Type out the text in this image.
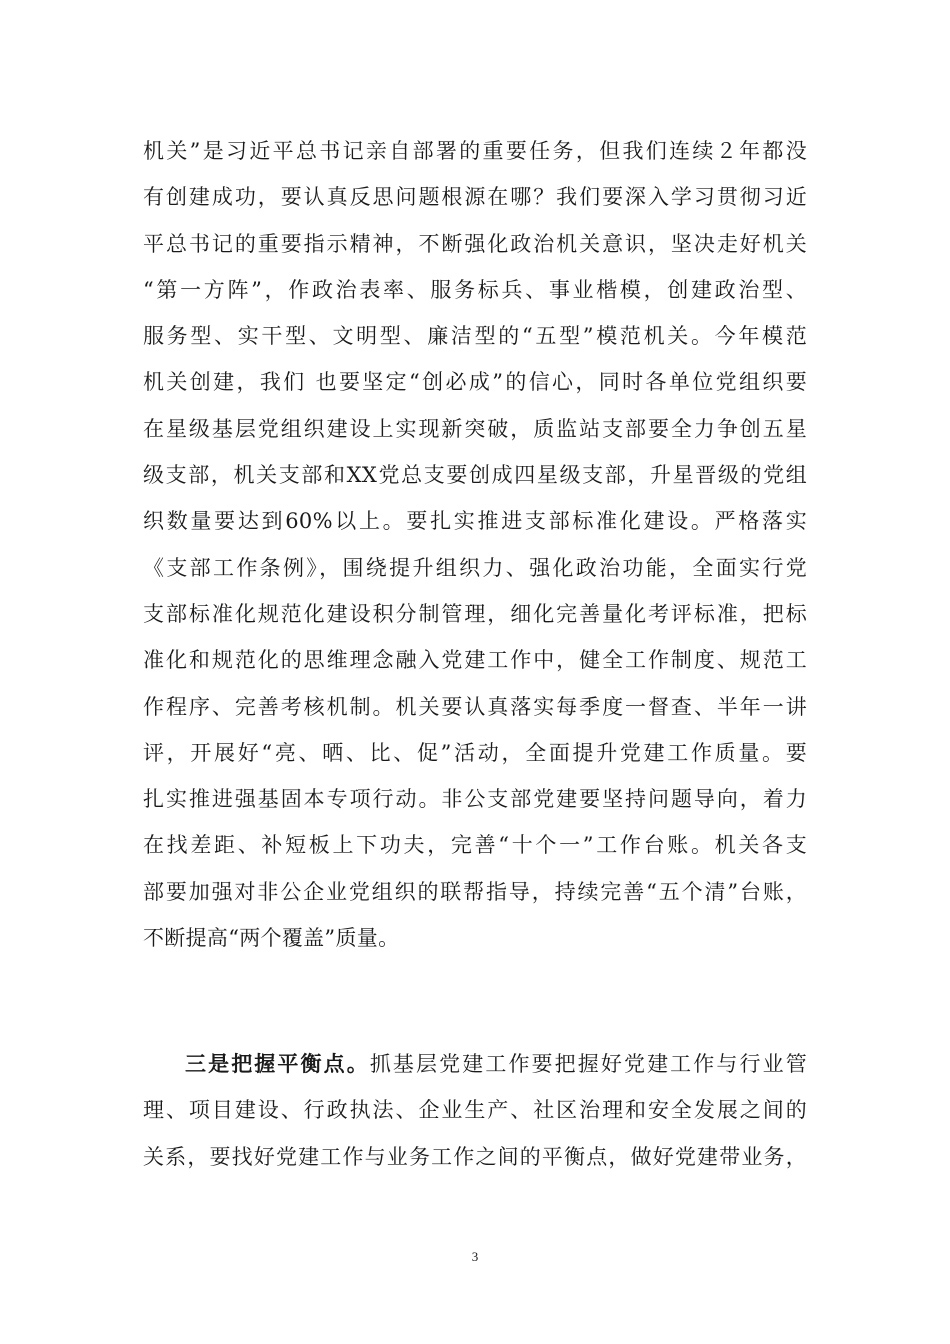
机关”是习近平总书记亲自部署的重要任务，但我们连续２年都没
有创建成功，要认真反思问题根源在哪？我们要深入学习贯彻习近
平总书记的重要指示精神，不断强化政治机关意识，坚决走好机关
“第一方阵”，作政治表率、服务标兵、事业楷模，创建政治型、
服务型、实干型、文明型、廉洁型的“五型”模范机关。今年模范
机关创建，我们 也要坚定“创必成”的信心，同时各单位党组织要
在星级基层党组织建设上实现新突破，质监站支部要全力争创五星
级支部，机关支部和XX党总支要创成四星级支部，升星晋级的党组
织数量要达到60%以上。要扎实推进支部标准化建设。严格落实
《支部工作条例》，围绕提升组织力、强化政治功能，全面实行党
支部标准化规范化建设积分制管理，细化完善量化考评标准，把标
准化和规范化的思维理念融入党建工作中，健全工作制度、规范工
作程序、完善考核机制。机关要认真落实每季度一督查、半年一讲
评，开展好“亮、晒、比、促”活动，全面提升党建工作质量。要
扎实推进强基固本专项行动。非公支部党建要坚持问题导向，着力
在找差距、补短板上下功夫，完善“十个一”工作台账。机关各支
部要加强对非公企业党组织的联帮指导，持续完善“五个清”台账，
不断提高“两个覆盖”质量。
三是把握平衡点。抓基层党建工作要把握好党建工作与行业管
理、项目建设、行政执法、企业生产、社区治理和安全发展之间的
关系，要找好党建工作与业务工作之间的平衡点，做好党建带业务，
3
